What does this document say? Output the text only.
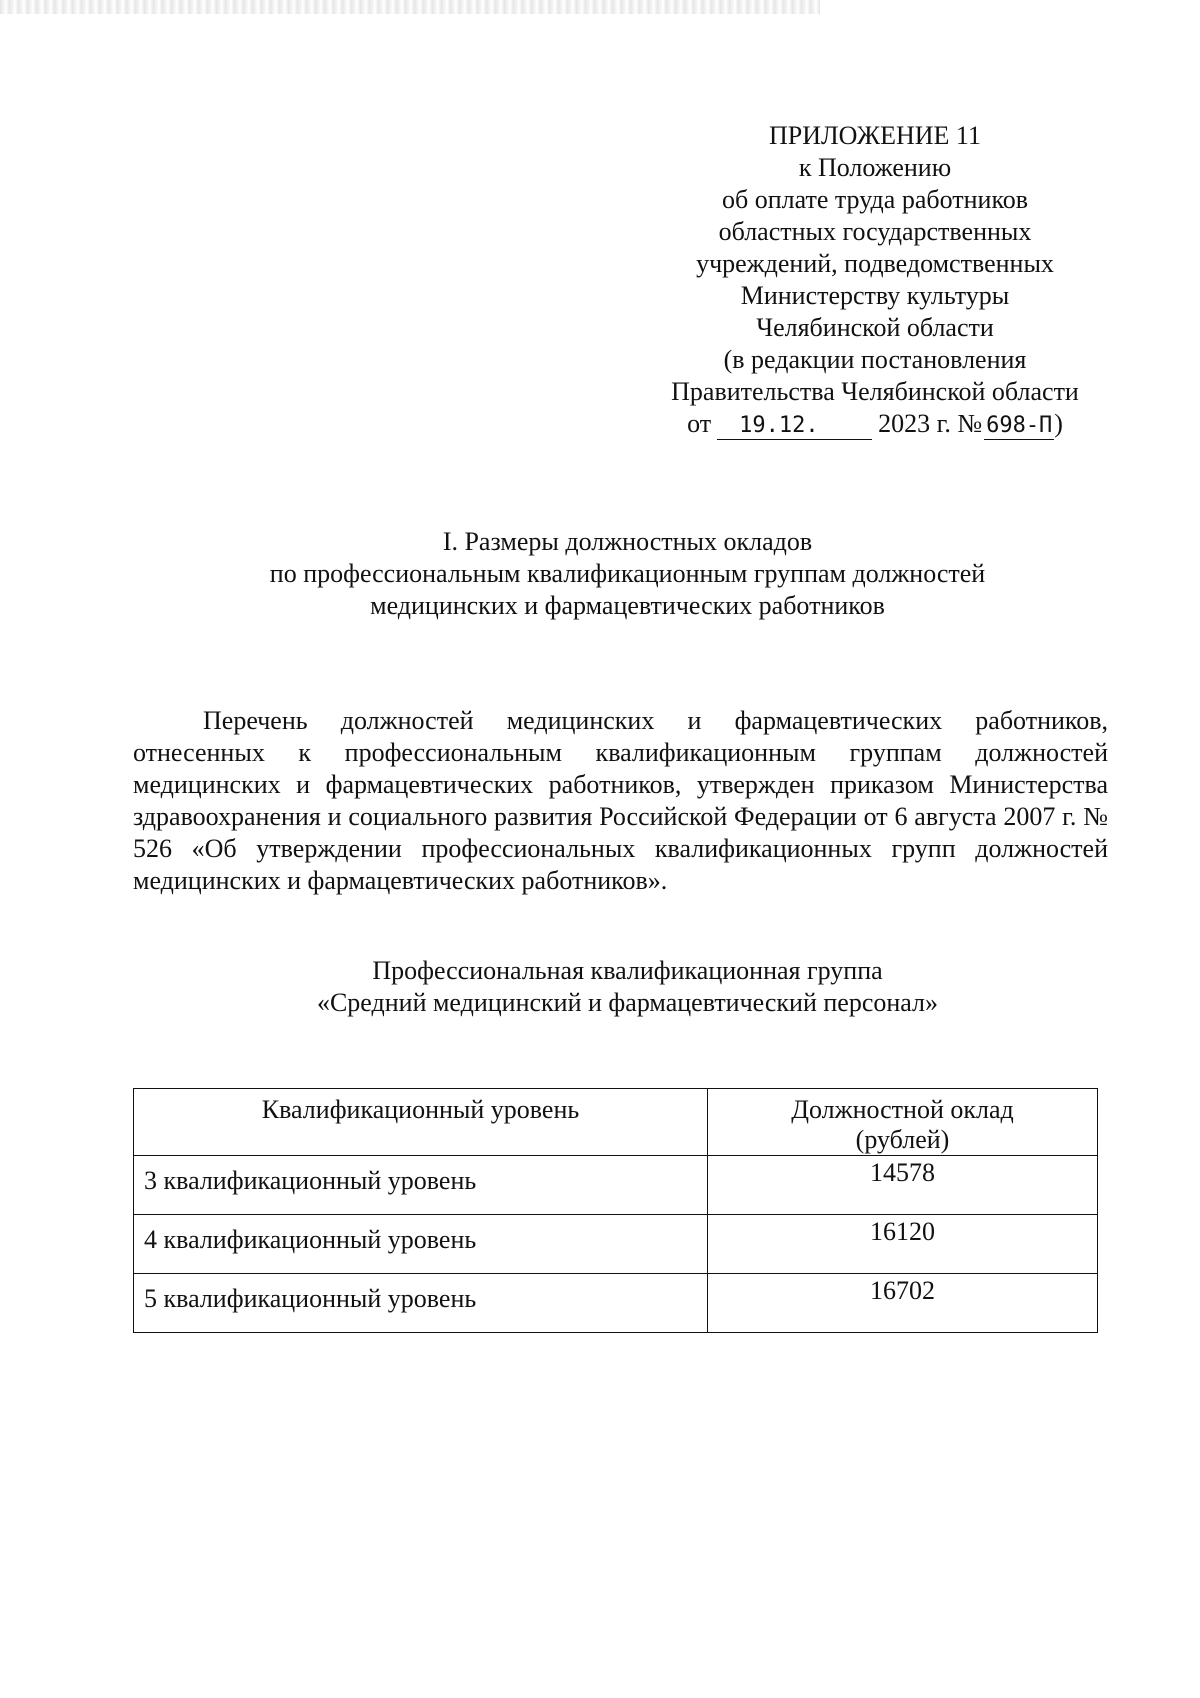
ПРИЛОЖЕНИЕ 11
к Положению
об оплате труда работников
областных государственных
учреждений, подведомственных
Министерству культуры
Челябинской области
(в редакции постановления
Правительства Челябинской области
от 19.12. 2023 г. № 698-П)
I. Размеры должностных окладов
по профессиональным квалификационным группам должностей
медицинских и фармацевтических работников
Перечень должностей медицинских и фармацевтических работников, отнесенных к профессиональным квалификационным группам должностей медицинских и фармацевтических работников, утвержден приказом Министерства здравоохранения и социального развития Российской Федерации от 6 августа 2007 г. № 526 «Об утверждении профессиональных квалификационных групп должностей медицинских и фармацевтических работников».
Профессиональная квалификационная группа
«Средний медицинский и фармацевтический персонал»
Квалификационный уровень	Должностной оклад
(рублей)

3 квалификационный уровень	14578
4 квалификационный уровень	16120
5 квалификационный уровень	16702
